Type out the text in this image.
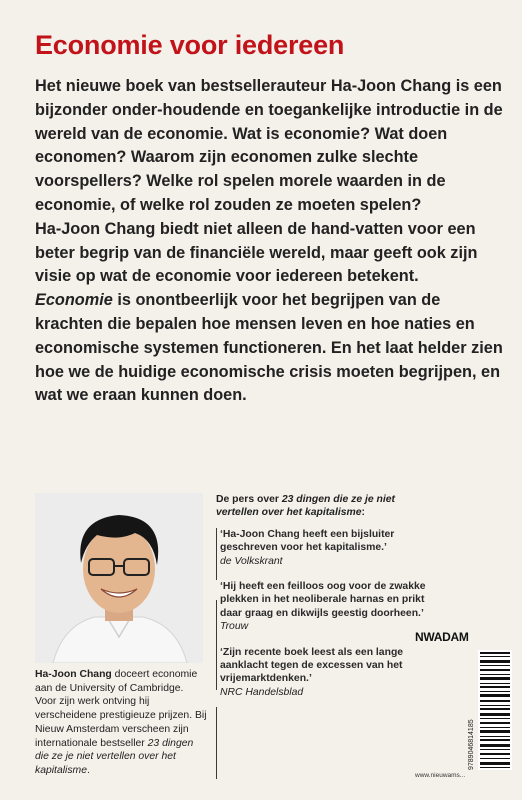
Economie voor iedereen

Het nieuwe boek van bestsellerauteur Ha-Joon Chang is een bijzonder onder-houdende en toegankelijke introductie in de wereld van de economie. Wat is economie? Wat doen economen? Waarom zijn economen zulke slechte voorspellers? Welke rol spelen morele waarden in de economie, of welke rol zouden ze moeten spelen?

Ha-Joon Chang biedt niet alleen de hand-vatten voor een beter begrip van de financiële wereld, maar geeft ook zijn visie op wat de economie voor iedereen betekent.

Economie is onontbeerlijk voor het begrijpen van de krachten die bepalen hoe mensen leven en hoe naties en economische systemen functioneren. En het laat helder zien hoe we de huidige economische crisis moeten begrijpen, en wat we eraan kunnen doen.

Ha-Joon Chang doceert economie aan de University of Cambridge. Voor zijn werk ontving hij verscheidene prestigieuze prijzen. Bij Nieuw Amsterdam verscheen zijn internationale bestseller 23 dingen die ze je niet vertellen over het kapitalisme.
De pers over 23 dingen die ze je niet vertellen over het kapitalisme:
‘Ha-Joon Chang heeft een bijsluiter geschreven voor het kapitalisme.’
de Volkskrant
‘Hij heeft een feilloos oog voor de zwakke plekken in het neoliberale harnas en prikt daar graag en dikwijls geestig doorheen.’
Trouw
‘Zijn recente boek leest als een lange aanklacht tegen de excessen van het vrijemarktdenken.’
NRC Handelsblad
NWADAM
9789046814185
www.nieuwams...
